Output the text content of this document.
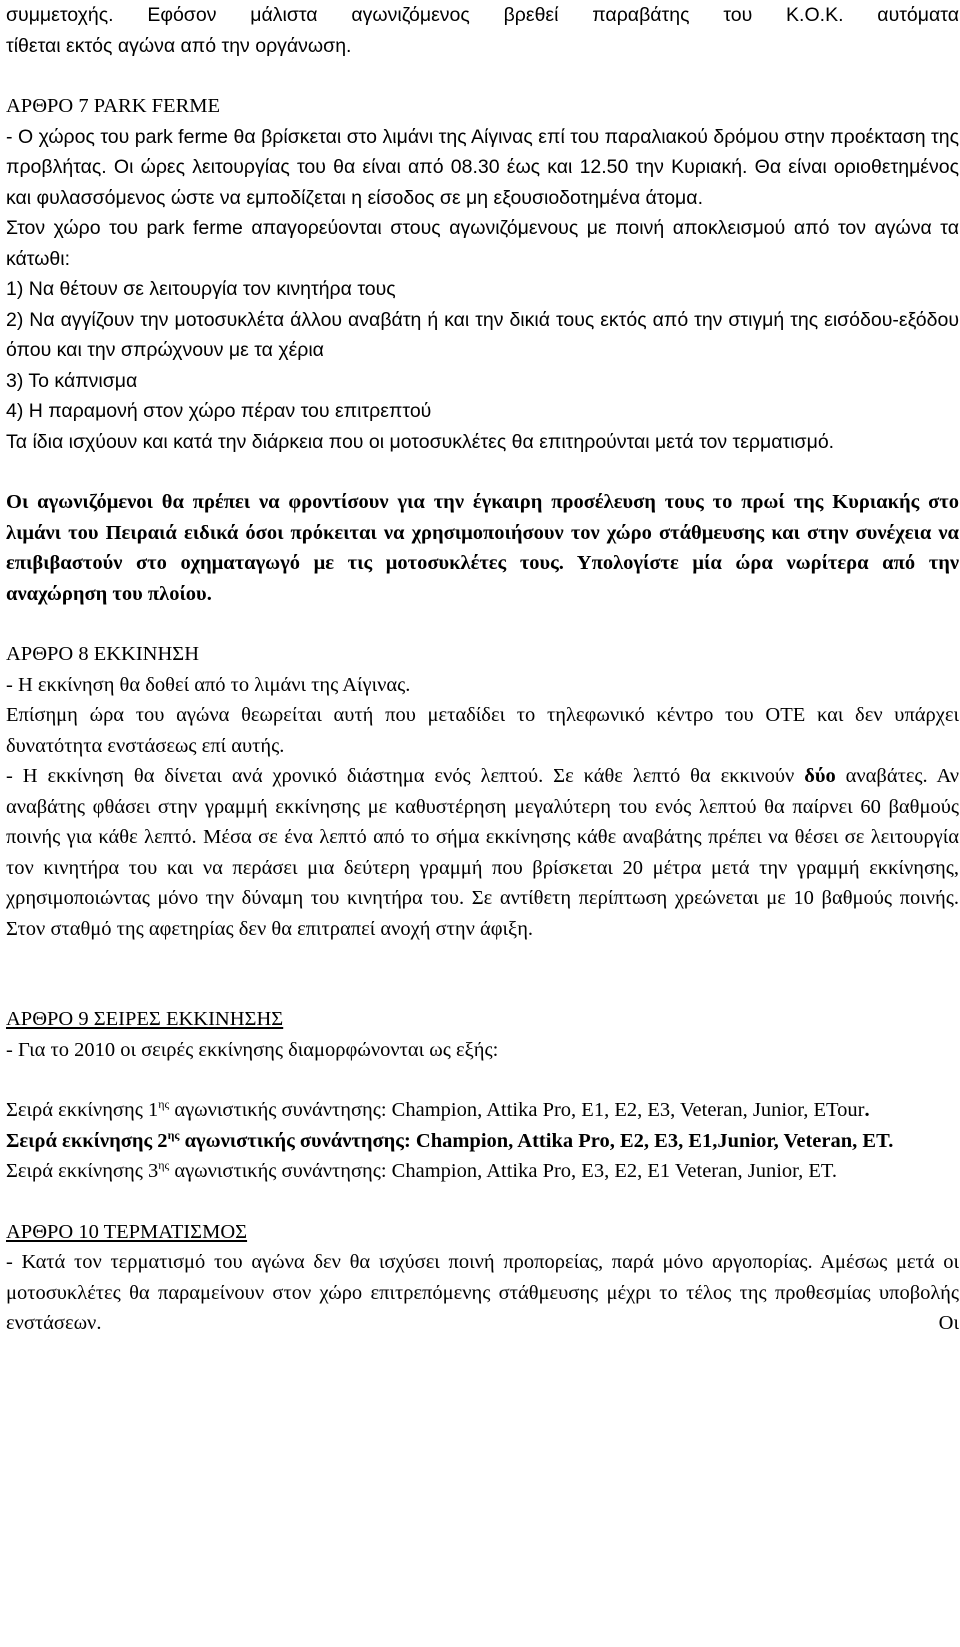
συμμετοχής. Εφόσον μάλιστα αγωνιζόμενος βρεθεί παραβάτης του Κ.Ο.Κ. αυτόματα

τίθεται εκτός αγώνα από την οργάνωση.

ΑΡΘΡΟ 7 PARK FERME

- Ο χώρος του park ferme θα βρίσκεται στο λιμάνι της Αίγινας επί του παραλιακού δρόμου στην προέκταση της προβλήτας. Οι ώρες λειτουργίας του θα είναι από 08.30 έως και 12.50 την Κυριακή. Θα είναι οριοθετημένος και φυλασσόμενος ώστε να εμποδίζεται η είσοδος σε μη εξουσιοδοτημένα άτομα.

Στον χώρο του park ferme απαγορεύονται στους αγωνιζόμενους με ποινή αποκλεισμού από τον αγώνα τα κάτωθι:

1) Να θέτουν σε λειτουργία τον κινητήρα τους

2) Να αγγίζουν την μοτοσυκλέτα άλλου αναβάτη ή και την δικιά τους εκτός από την στιγμή της εισόδου-εξόδου όπου και την σπρώχνουν με τα χέρια

3) Το κάπνισμα

4) Η παραμονή στον χώρο πέραν του επιτρεπτού

Τα ίδια ισχύουν και κατά την διάρκεια που οι μοτοσυκλέτες θα επιτηρούνται μετά τον τερματισμό.

Οι αγωνιζόμενοι θα πρέπει να φροντίσουν για την έγκαιρη προσέλευση τους το πρωί της Κυριακής στο λιμάνι του Πειραιά ειδικά όσοι πρόκειται να χρησιμοποιήσουν τον χώρο στάθμευσης και στην συνέχεια να επιβιβαστούν στο οχηματαγωγό με τις μοτοσυκλέτες τους. Υπολογίστε μία ώρα νωρίτερα από την αναχώρηση του πλοίου.

ΑΡΘΡΟ 8 ΕΚΚΙΝΗΣΗ

- Η εκκίνηση θα δοθεί από το λιμάνι της Αίγινας.

Επίσημη ώρα του αγώνα θεωρείται αυτή που μεταδίδει το τηλεφωνικό κέντρο του ΟΤΕ και δεν υπάρχει δυνατότητα ενστάσεως επί αυτής.

- Η εκκίνηση θα δίνεται ανά χρονικό διάστημα ενός λεπτού. Σε κάθε λεπτό θα εκκινούν δύο αναβάτες. Αν αναβάτης φθάσει στην γραμμή εκκίνησης με καθυστέρηση μεγαλύτερη του ενός λεπτού θα παίρνει 60 βαθμούς ποινής για κάθε λεπτό. Μέσα σε ένα λεπτό από το σήμα εκκίνησης κάθε αναβάτης πρέπει να θέσει σε λειτουργία τον κινητήρα του και να περάσει μια δεύτερη γραμμή που βρίσκεται 20 μέτρα μετά την γραμμή εκκίνησης, χρησιμοποιώντας μόνο την δύναμη του κινητήρα του. Σε αντίθετη περίπτωση χρεώνεται με 10 βαθμούς ποινής. Στον σταθμό της αφετηρίας δεν θα επιτραπεί ανοχή στην άφιξη.

ΑΡΘΡΟ 9 ΣΕΙΡΕΣ ΕΚΚΙΝΗΣΗΣ

- Για το 2010 οι σειρές εκκίνησης διαμορφώνονται ως εξής:

Σειρά εκκίνησης $1^{\eta\varsigma}$ αγωνιστικής συνάντησης: Champion, Attika Pro, E1, E2, E3, Veteran, Junior, ETour.

Σειρά εκκίνησης $2^{\eta\varsigma}$ αγωνιστικής συνάντησης: Champion, Attika Pro, E2, E3, E1,Junior, Veteran, ET.

Σειρά εκκίνησης $3^{\eta\varsigma}$ αγωνιστικής συνάντησης: Champion, Attika Pro, E3, E2, E1 Veteran, Junior, ET.

ΑΡΘΡΟ 10 ΤΕΡΜΑΤΙΣΜΟΣ

- Κατά τον τερματισμό του αγώνα δεν θα ισχύσει ποινή προπορείας, παρά μόνο αργοπορίας. Αμέσως μετά οι μοτοσυκλέτες θα παραμείνουν στον χώρο επιτρεπόμενης στάθμευσης μέχρι το τέλος της προθεσμίας υποβολής ενστάσεων. Οι
